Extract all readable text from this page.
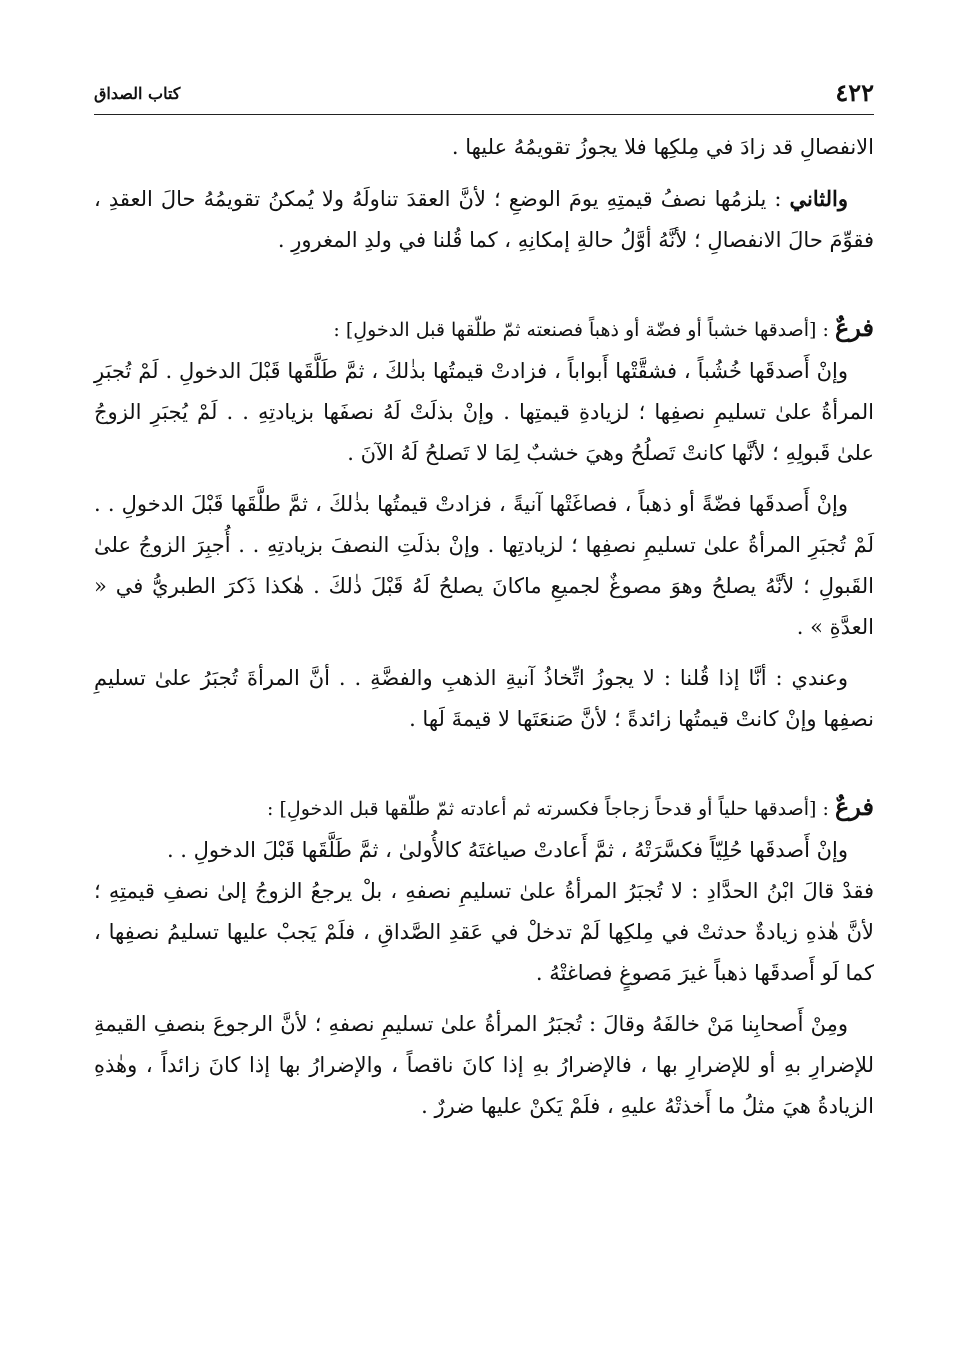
٤٢٢
كتاب الصداق

الانفصالِ قد زادَ في مِلكِها فلا يجوزُ تقويمُهُ عليها .

والثاني : يلزمُها نصفُ قيمتِهِ يومَ الوضعِ ؛ لأنَّ العقدَ تناولَهُ ولا يُمكنُ تقويمُهُ حالَ العقدِ ، فقوِّمَ حالَ الانفصالِ ؛ لأنَّهُ أوَّلُ حالةِ إمكانِهِ ، كما قُلنا في ولدِ المغرورِ .

فرعٌ : [أصدقها خشباً أو فضّة أو ذهباً فصنعته ثمّ طلّقها قبل الدخولِ] :

وإنْ أَصدقَها خُشُباً ، فشقَّتْها أَبواباً ، فزادتْ قيمتُها بذٰلكَ ، ثمَّ طَلَّقَها قَبْلَ الدخولِ . لَمْ تُجبَرِ المرأةُ علىٰ تسليمِ نصفِها ؛ لزيادةِ قيمتِها . وإنْ بذلَتْ لَهُ نصفَها بزيادتِهِ . . لَمْ يُجبَرِ الزوجُ علىٰ قَبولِهِ ؛ لأنَّها كانتْ تَصلُحُ وهيَ خشبٌ لِمَا لا تَصلحُ لَهُ الآنَ .

وإنْ أَصدقَها فضّةً أو ذهباً ، فصاغَتْها آنيةً ، فزادتْ قيمتُها بذٰلكَ ، ثمَّ طلَّقَها قَبْلَ الدخولِ . . لَمْ تُجبَرِ المرأةُ علىٰ تسليمِ نصفِها ؛ لزيادتِها . وإنْ بذلَتِ النصفَ بزيادتِهِ . . أُجبِرَ الزوجُ علىٰ القَبولِ ؛ لأنَّهُ يصلحُ وهوَ مصوغٌ لجميعِ ماكانَ يصلحُ لَهُ قَبْلَ ذٰلكَ . هٰكذا ذَكرَ الطبريُّ في « العدَّةِ » .

وعندي : أنَّا إذا قُلنا : لا يجوزُ اتِّخاذُ آنيةِ الذهبِ والفضَّةِ . . أنَّ المرأةَ تُجبَرُ علىٰ تسليمِ نصفِها وإنْ كانتْ قيمتُها زائدةً ؛ لأنَّ صَنعَتَها لا قيمةَ لَها .

فرعٌ : [أصدقها حلياً أو قدحاً زجاجاً فكسرته ثم أعادته ثمّ طلّقها قبل الدخولِ] :

وإنْ أَصدقَها حُلِيّاً فكسَّرَتْهُ ، ثمَّ أَعادتْ صياغتَهُ كالأُولىٰ ، ثمَّ طَلَّقَها قَبْلَ الدخولِ . .

فقدْ قالَ ابْنُ الحدَّادِ : لا تُجبَرُ المرأةُ علىٰ تسليمِ نصفهِ ، بلْ يرجعُ الزوجُ إلىٰ نصفِ قيمتِهِ ؛ لأنَّ هٰذهِ زيادةٌ حدثتْ في مِلكِها لَمْ تدخلْ في عَقدِ الصَّداقِ ، فلَمْ يَجبْ عليها تسليمُ نصفِها ، كما لَو أَصدقَها ذهباً غيرَ مَصوغٍ فصاغتْهُ .

ومِنْ أَصحابِنا مَنْ خالفَهُ وقالَ : تُجبَرُ المرأةُ علىٰ تسليمِ نصفهِ ؛ لأنَّ الرجوعَ بنصفِ القيمةِ للإضرارِ بهِ أو للإضرارِ بها ، فالإضرارُ بهِ إذا كانَ ناقصاً ، والإضرارُ بها إذا كانَ زائداً ، وهٰذهِ الزيادةُ هيَ مثلُ ما أَخذتْهُ عليهِ ، فلَمْ يَكنْ عليها ضررٌ .
